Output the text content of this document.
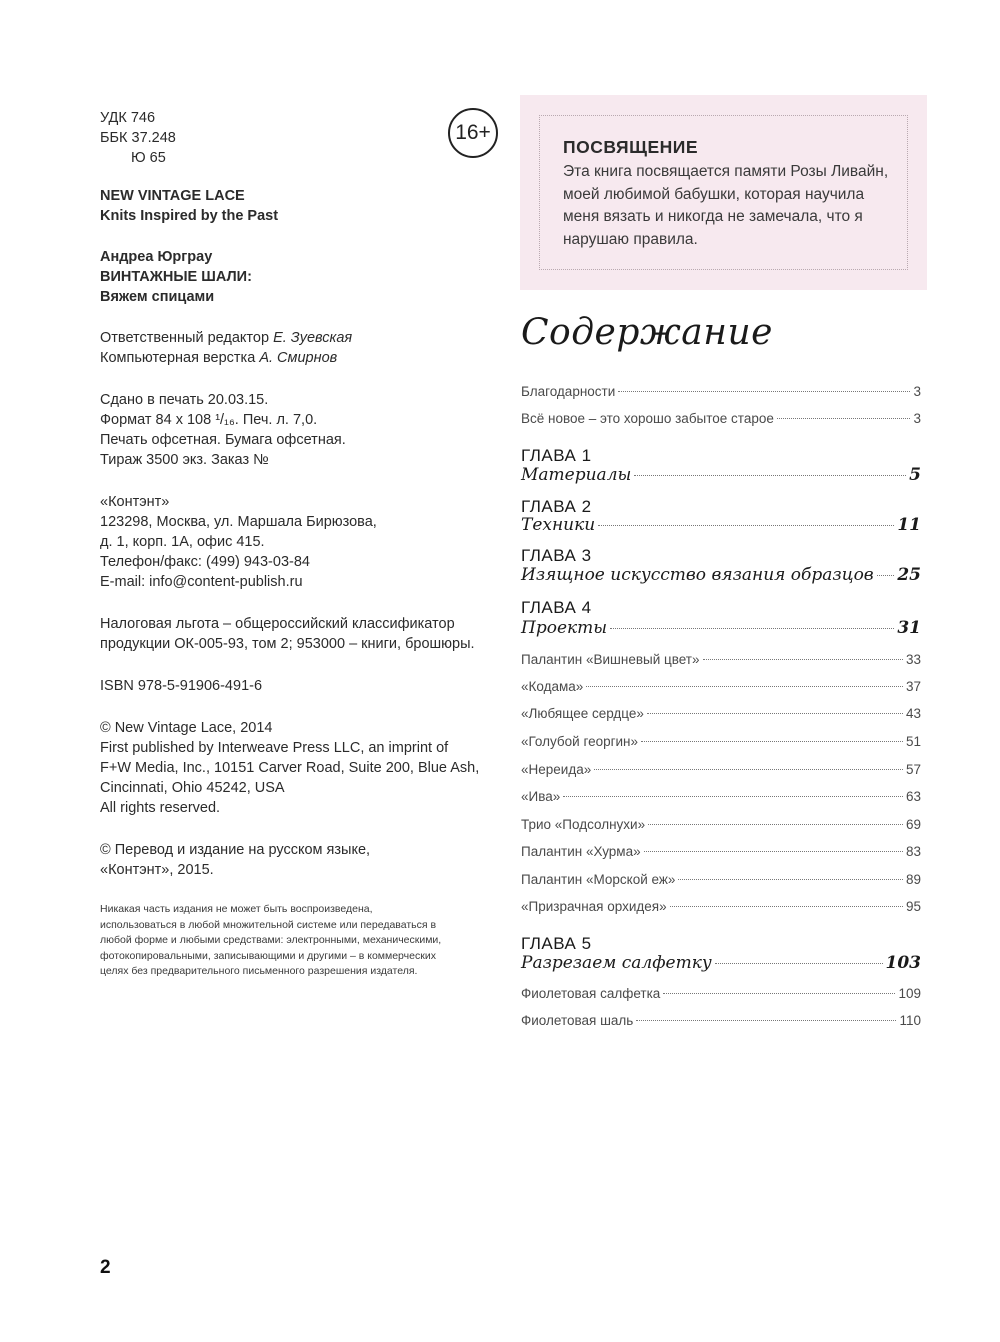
УДК 746
ББК 37.248
Ю 65
NEW VINTAGE LACE
Knits Inspired by the Past
Андреа Юрграу
ВИНТАЖНЫЕ ШАЛИ:
Вяжем спицами
Ответственный редактор Е. Зуевская
Компьютерная верстка А. Смирнов
Сдано в печать 20.03.15.
Формат 84 x 108 ¹/₁₆. Печ. л. 7,0.
Печать офсетная. Бумага офсетная.
Тираж 3500 экз. Заказ №
«Контэнт»
123298, Москва, ул. Маршала Бирюзова,
д. 1, корп. 1А, офис 415.
Телефон/факс: (499) 943-03-84
E-mail: info@content-publish.ru
Налоговая льгота – общероссийский классификатор
продукции ОК-005-93, том 2; 953000 – книги, брошюры.
ISBN 978-5-91906-491-6
© New Vintage Lace, 2014
First published by Interweave Press LLC, an imprint of
F+W Media, Inc., 10151 Carver Road, Suite 200, Blue Ash,
Cincinnati, Ohio 45242, USA
All rights reserved.
© Перевод и издание на русском языке,
«Контэнт», 2015.
Никакая часть издания не может быть воспроизведена,
использоваться в любой множительной системе или передаваться в
любой форме и любыми средствами: электронными, механическими,
фотокопировальными, записывающими и другими – в коммерческих
целях без предварительного письменного разрешения издателя.
16+
ПОСВЯЩЕНИЕ
Эта книга посвящается памяти Розы Ливайн, моей любимой бабушки, которая научила меня вязать и никогда не замечала, что я нарушаю правила.
Содержание
Благодарности	3
Всё новое – это хорошо забытое старое	3
ГЛАВА 1
Материалы	5
ГЛАВА 2
Техники	11
ГЛАВА 3
Изящное искусство вязания образцов 25
ГЛАВА 4
Проекты	31
Палантин «Вишневый цвет»	33
«Кодама»	37
«Любящее сердце»	43
«Голубой георгин»	51
«Нереида»	57
«Ива»	63
Трио «Подсолнухи»	69
Палантин «Хурма»	83
Палантин «Морской еж»	89
«Призрачная орхидея»	95
ГЛАВА 5
Разрезаем салфетку	103
Фиолетовая салфетка	109
Фиолетовая шаль	110
2
